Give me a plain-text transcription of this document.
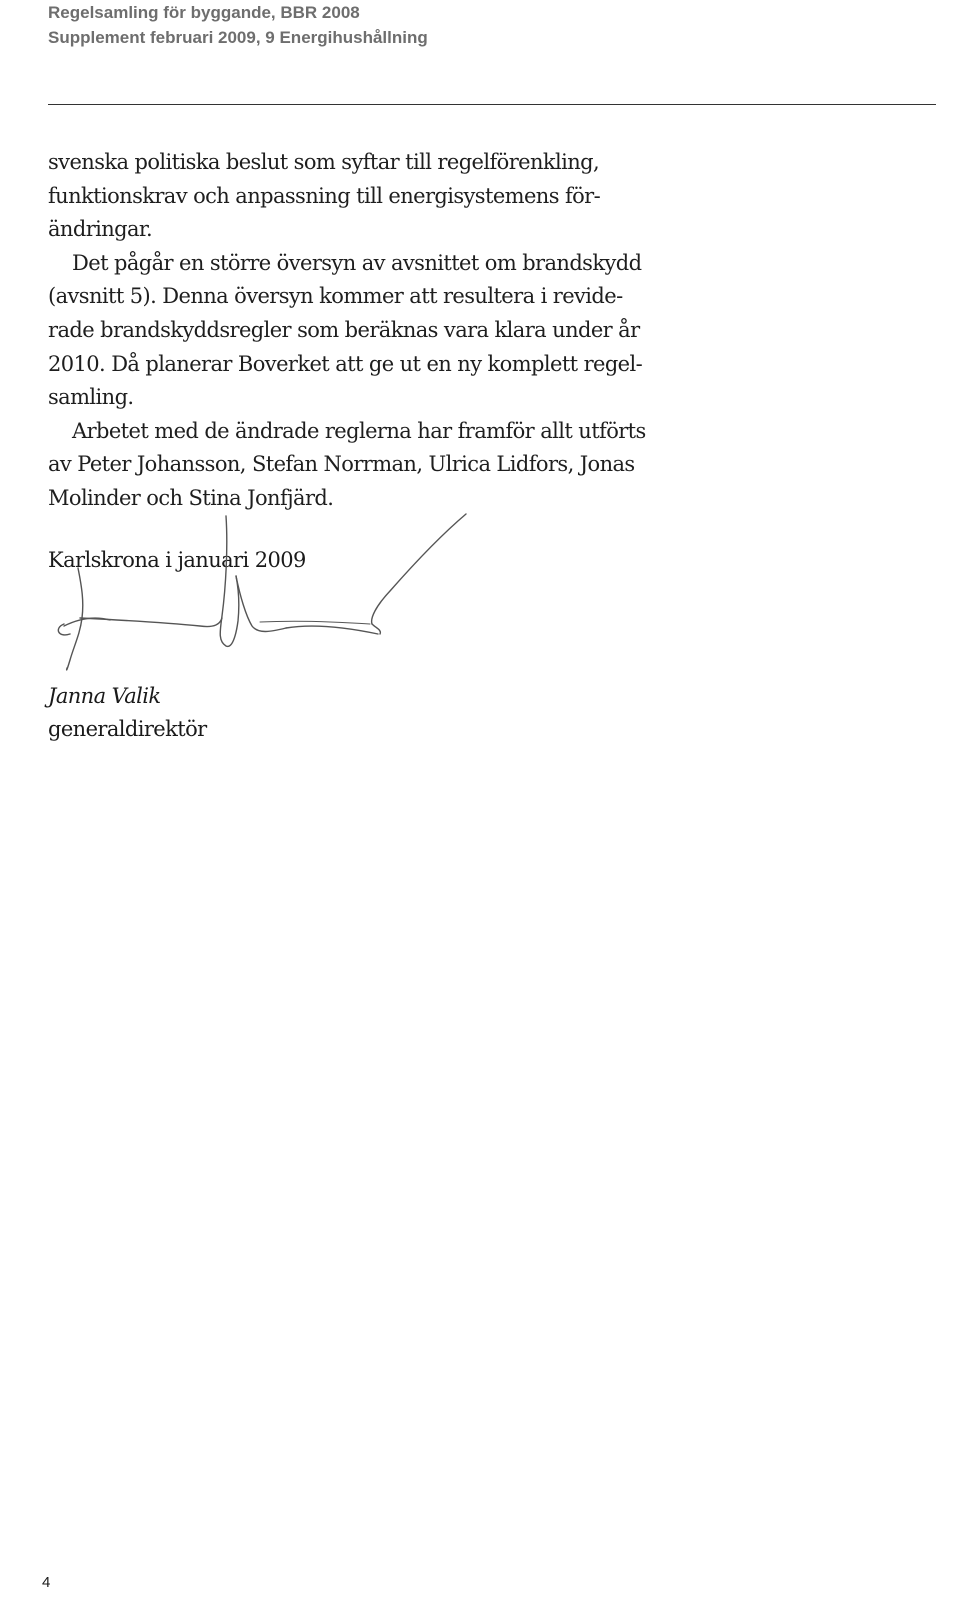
Regelsamling för byggande, BBR 2008
Supplement februari 2009, 9 Energihushållning

svenska politiska beslut som syftar till regelförenkling,
funktionskrav och anpassning till energisystemens för-
ändringar.

Det pågår en större översyn av avsnittet om brandskydd
(avsnitt 5). Denna översyn kommer att resultera i revide-
rade brandskyddsregler som beräknas vara klara under år
2010. Då planerar Boverket att ge ut en ny komplett regel-
samling.

Arbetet med de ändrade reglerna har framför allt utförts
av Peter Johansson, Stefan Norrman, Ulrica Lidfors, Jonas
Molinder och Stina Jonfjärd.

Karlskrona i januari 2009
Janna Valik
generaldirektör
4
